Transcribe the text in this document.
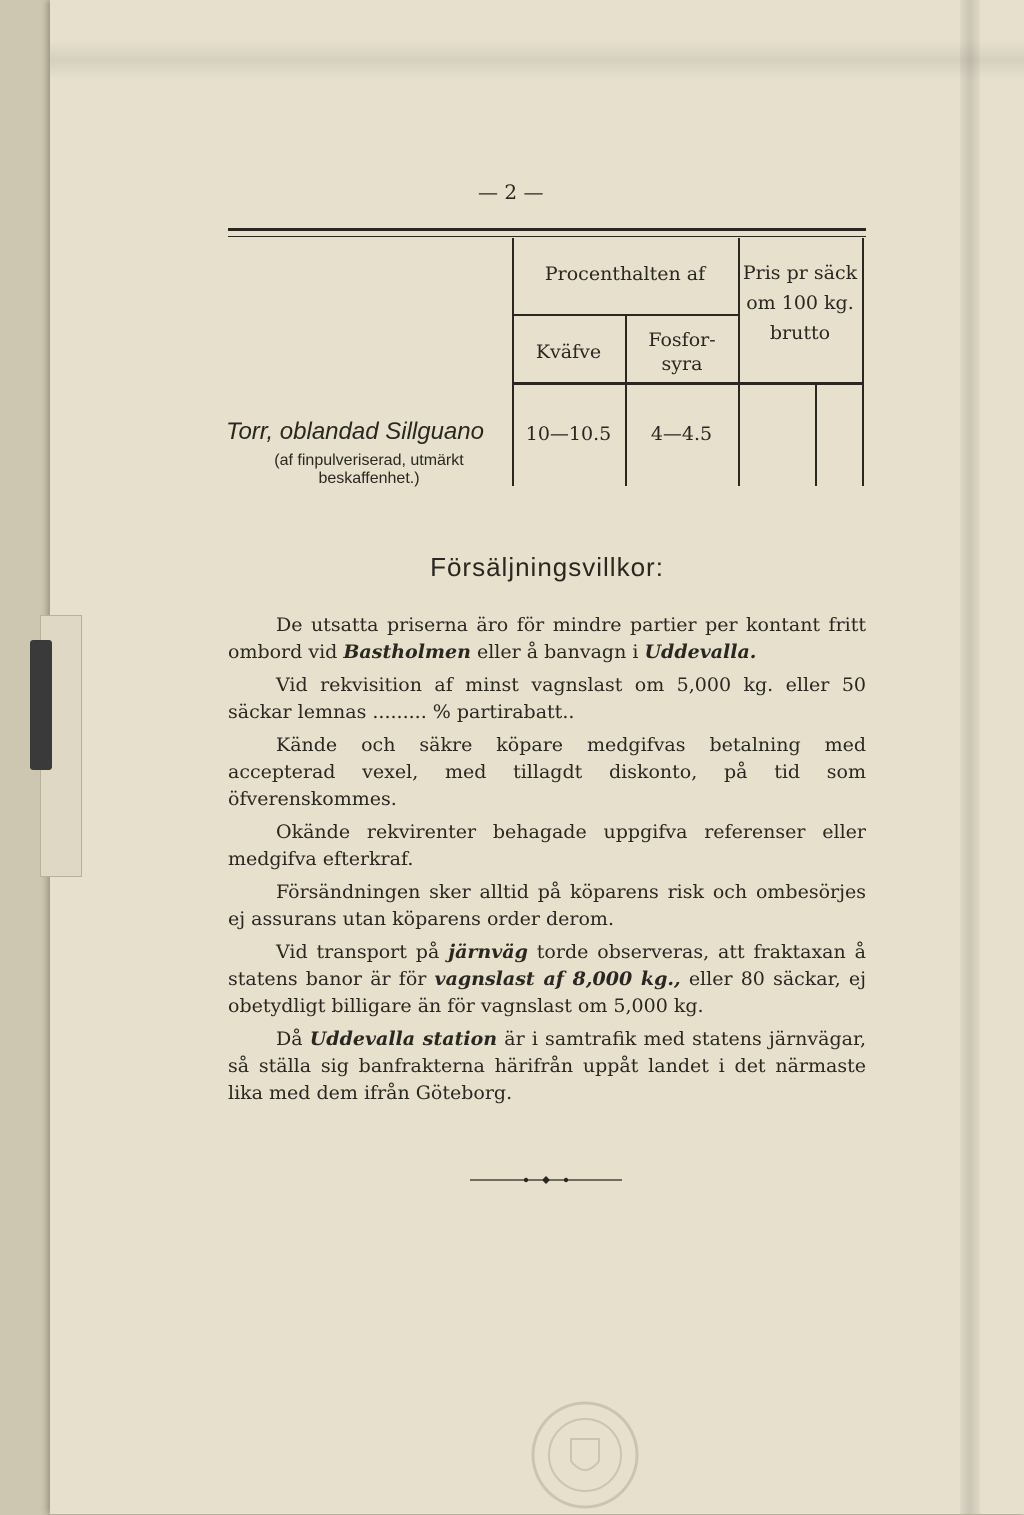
— 2 —
Procenthalten af
Kväfve
Fosfor- syra
Pris pr säck om 100 kg. brutto
Torr, oblandad Sillguano
(af finpulveriserad, utmärkt beskaffenhet.)
10—10.5	4—4.5
Försäljningsvillkor:

De utsatta priserna äro för mindre partier per kontant fritt ombord vid Bastholmen eller å banvagn i Uddevalla.

Vid rekvisition af minst vagnslast om 5,000 kg. eller 50 säckar lemnas ......... % partirabatt..

Kände och säkre köpare medgifvas betalning med accepterad vexel, med tillagdt diskonto, på tid som öfverenskommes.

Okände rekvirenter behagade uppgifva referenser eller medgifva efterkraf.

Försändningen sker alltid på köparens risk och ombesörjes ej assurans utan köparens order derom.

Vid transport på järnväg torde observeras, att fraktaxan å statens banor är för vagnslast af 8,000 kg., eller 80 säckar, ej obetydligt billigare än för vagnslast om 5,000 kg.

Då Uddevalla station är i samtrafik med statens järnvägar, så ställa sig banfrakterna härifrån uppåt landet i det närmaste lika med dem ifrån Göteborg.
